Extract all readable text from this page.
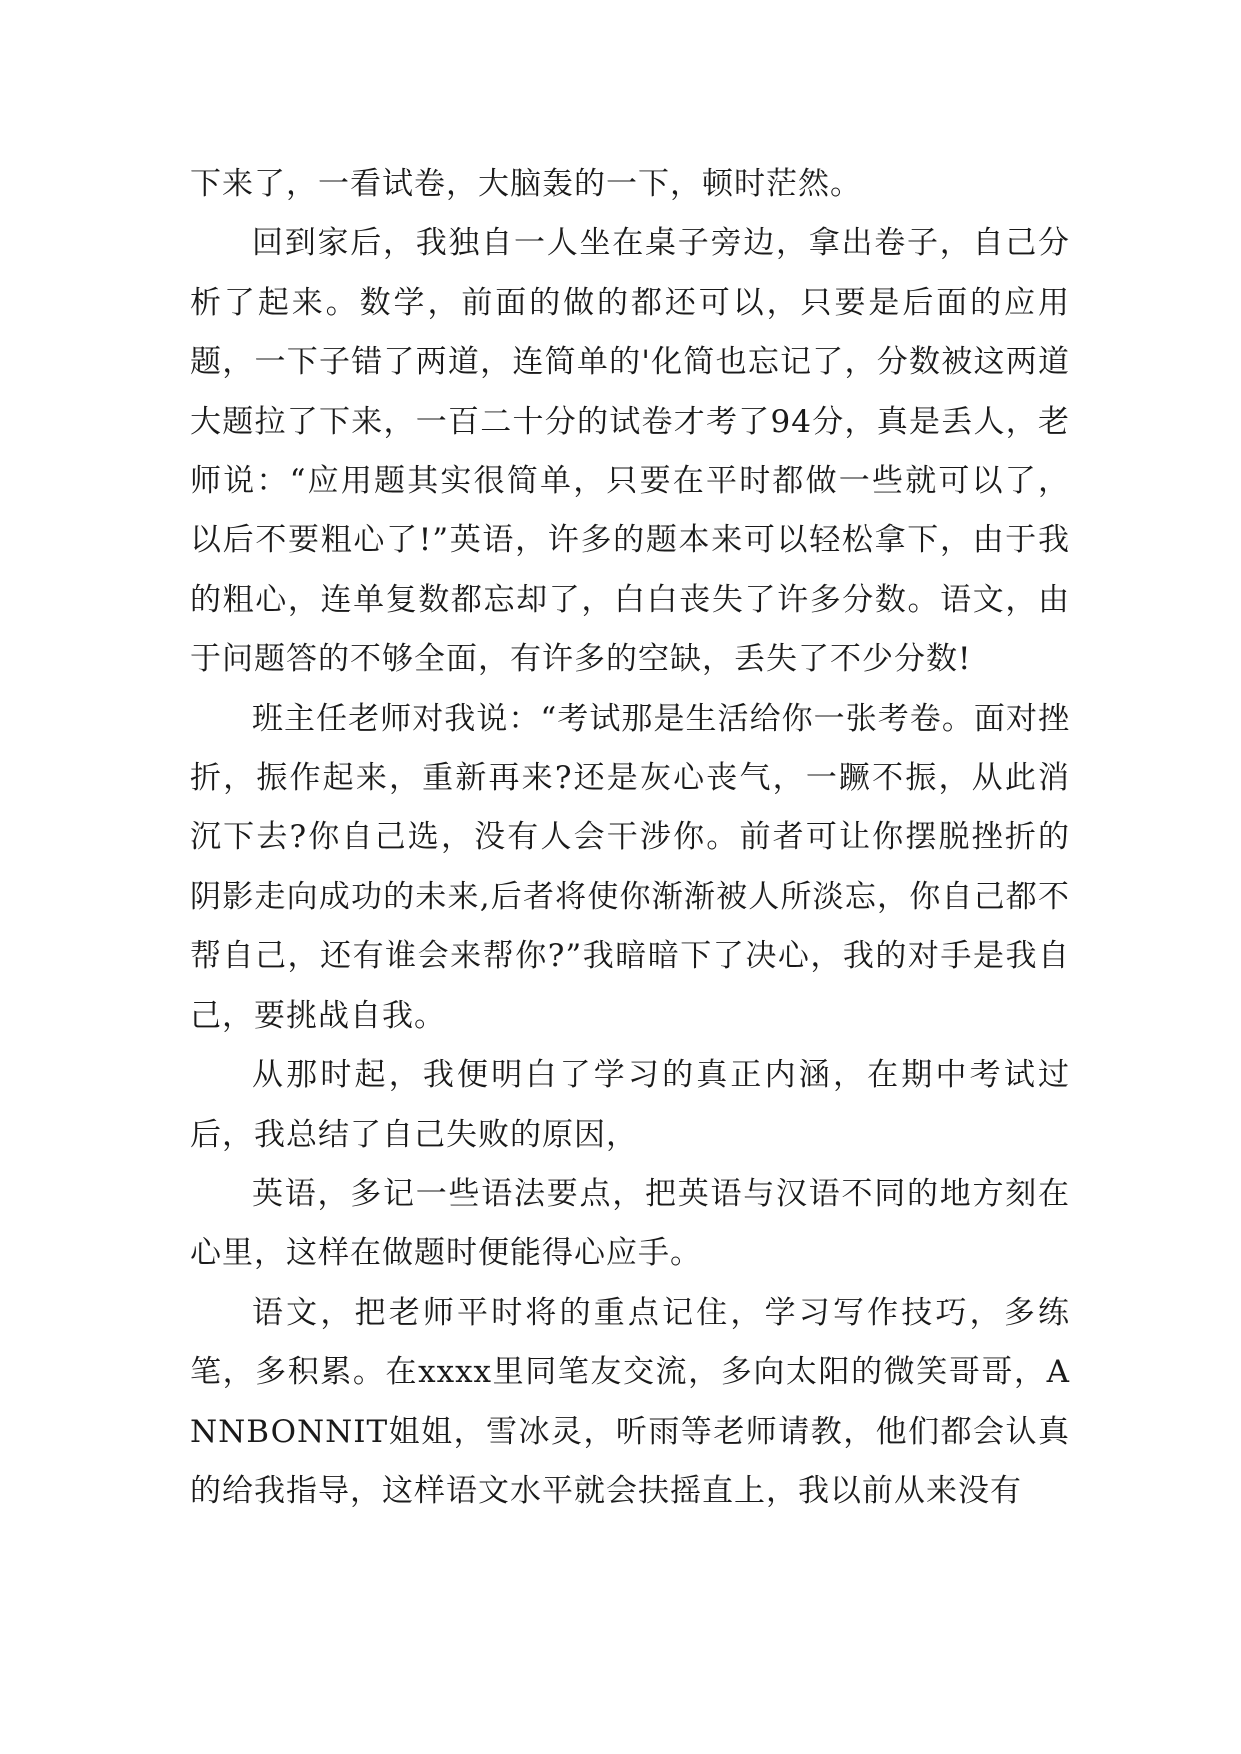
下来了，一看试卷，大脑轰的一下，顿时茫然。

回到家后，我独自一人坐在桌子旁边，拿出卷子，自己分析了起来。数学，前面的做的都还可以，只要是后面的应用题，一下子错了两道，连简单的'化简也忘记了，分数被这两道大题拉了下来，一百二十分的试卷才考了94分，真是丢人，老师说：“应用题其实很简单，只要在平时都做一些就可以了，以后不要粗心了!”英语，许多的题本来可以轻松拿下，由于我的粗心，连单复数都忘却了，白白丧失了许多分数。语文，由于问题答的不够全面，有许多的空缺，丢失了不少分数!

班主任老师对我说：“考试那是生活给你一张考卷。面对挫折，振作起来，重新再来?还是灰心丧气，一蹶不振，从此消沉下去?你自己选，没有人会干涉你。前者可让你摆脱挫折的阴影走向成功的未来,后者将使你渐渐被人所淡忘，你自己都不帮自己，还有谁会来帮你?”我暗暗下了决心，我的对手是我自己，要挑战自我。

从那时起，我便明白了学习的真正内涵，在期中考试过后，我总结了自己失败的原因，

英语，多记一些语法要点，把英语与汉语不同的地方刻在心里，这样在做题时便能得心应手。

语文，把老师平时将的重点记住，学习写作技巧，多练笔，多积累。在xxxx里同笔友交流，多向太阳的微笑哥哥，ANNBONNIT姐姐，雪冰灵，听雨等老师请教，他们都会认真的给我指导，这样语文水平就会扶摇直上，我以前从来没有
